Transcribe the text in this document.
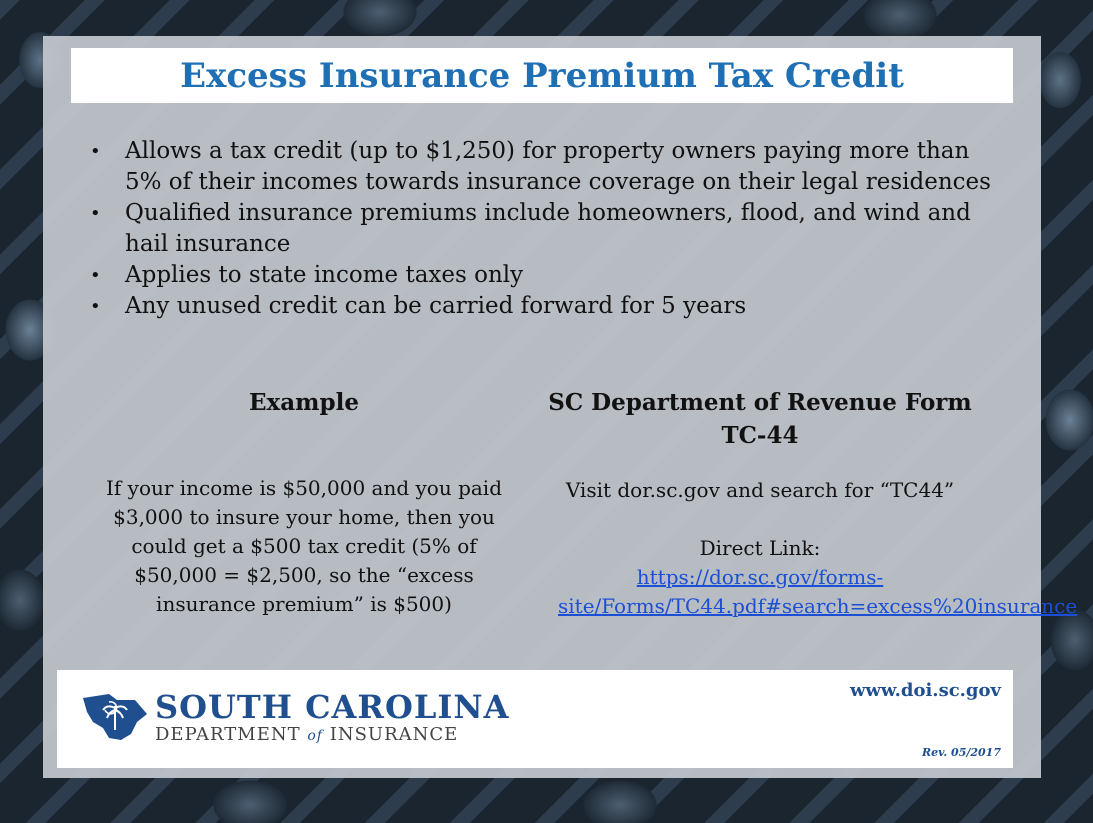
Excess Insurance Premium Tax Credit
• Allows a tax credit (up to $1,250) for property owners paying more than 5% of their incomes towards insurance coverage on their legal residences
• Qualified insurance premiums include homeowners, flood, and wind and hail insurance
• Applies to state income taxes only
• Any unused credit can be carried forward for 5 years
Example

If your income is $50,000 and you paid $3,000 to insure your home, then you could get a $500 tax credit (5% of $50,000 = $2,500, so the “excess insurance premium” is $500)

SC Department of Revenue Form TC-44

Visit dor.sc.gov and search for “TC44”

Direct Link:

https://dor.sc.gov/forms-site/Forms/TC44.pdf#search=excess%20insurance

SOUTH CAROLINA
DEPARTMENT of INSURANCE
www.doi.sc.gov
Rev. 05/2017
